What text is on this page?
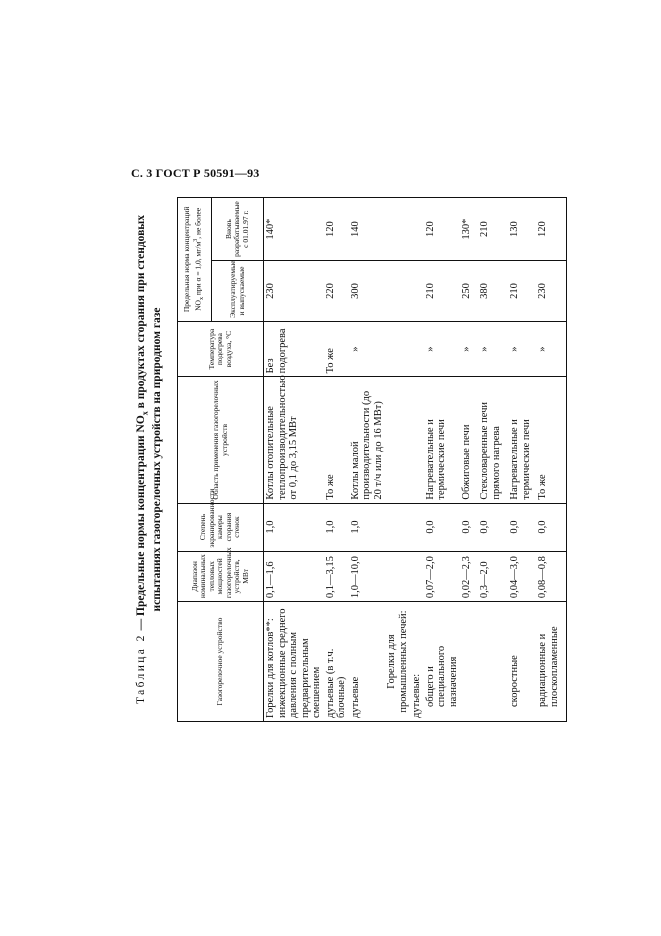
С. 3 ГОСТ Р 50591—93
Таблица 2 — Предельные нормы концентрации $NO_x$ в продуктах сгорания при стендовых испытаниях газогорелочных устройств на природном газе
Газогорелочное устройство	Диапазон номинальных тепловых мощностей газогорелочных устройств, МВт	Степень экранированности камеры сгорания стенок	Область применения газогорелочных устройств	Температура подогрева воздуха, °С	Предельная норма концентраций $NO_x$ при α = 1,0, $мг/м^3$, не более	
					Эксплуатируемые и выпускаемые	Вновь разрабатываемые с 01.01.97 г.
Горелки для котлов**: инжекционные среднего давления с полным предварительным смешением	0,1—1,6	1,0	Котлы отопительные теплопроизводительностью от 0,1 до 3,15 МВт	Без подогрева	230	140*
дутьевые (в т.ч. блочные)	0,1—3,15	1,0	То же	То же	220	120
дутьевые	1,0—10,0	1,0	Котлы малой производительности (до 20 т/ч или до 16 МВт)	»	300	140
Горелки для промышленных печей:						
дутьевые:						
общего и специального назначения	0,07—2,0	0,0	Нагревательные и термические печи	»	210	120
	0,02—2,3	0,0	Обжиговые печи	»	250	130*
	0,3—2,0	0,0	Стекловаренные печи прямого нагрева	»	380	210
скоростные	0,04—3,0	0,0	Нагревательные и термические печи	»	210	130
радиационные и плоскопламенные	0,08—0,8	0,0	То же	»	230	120
